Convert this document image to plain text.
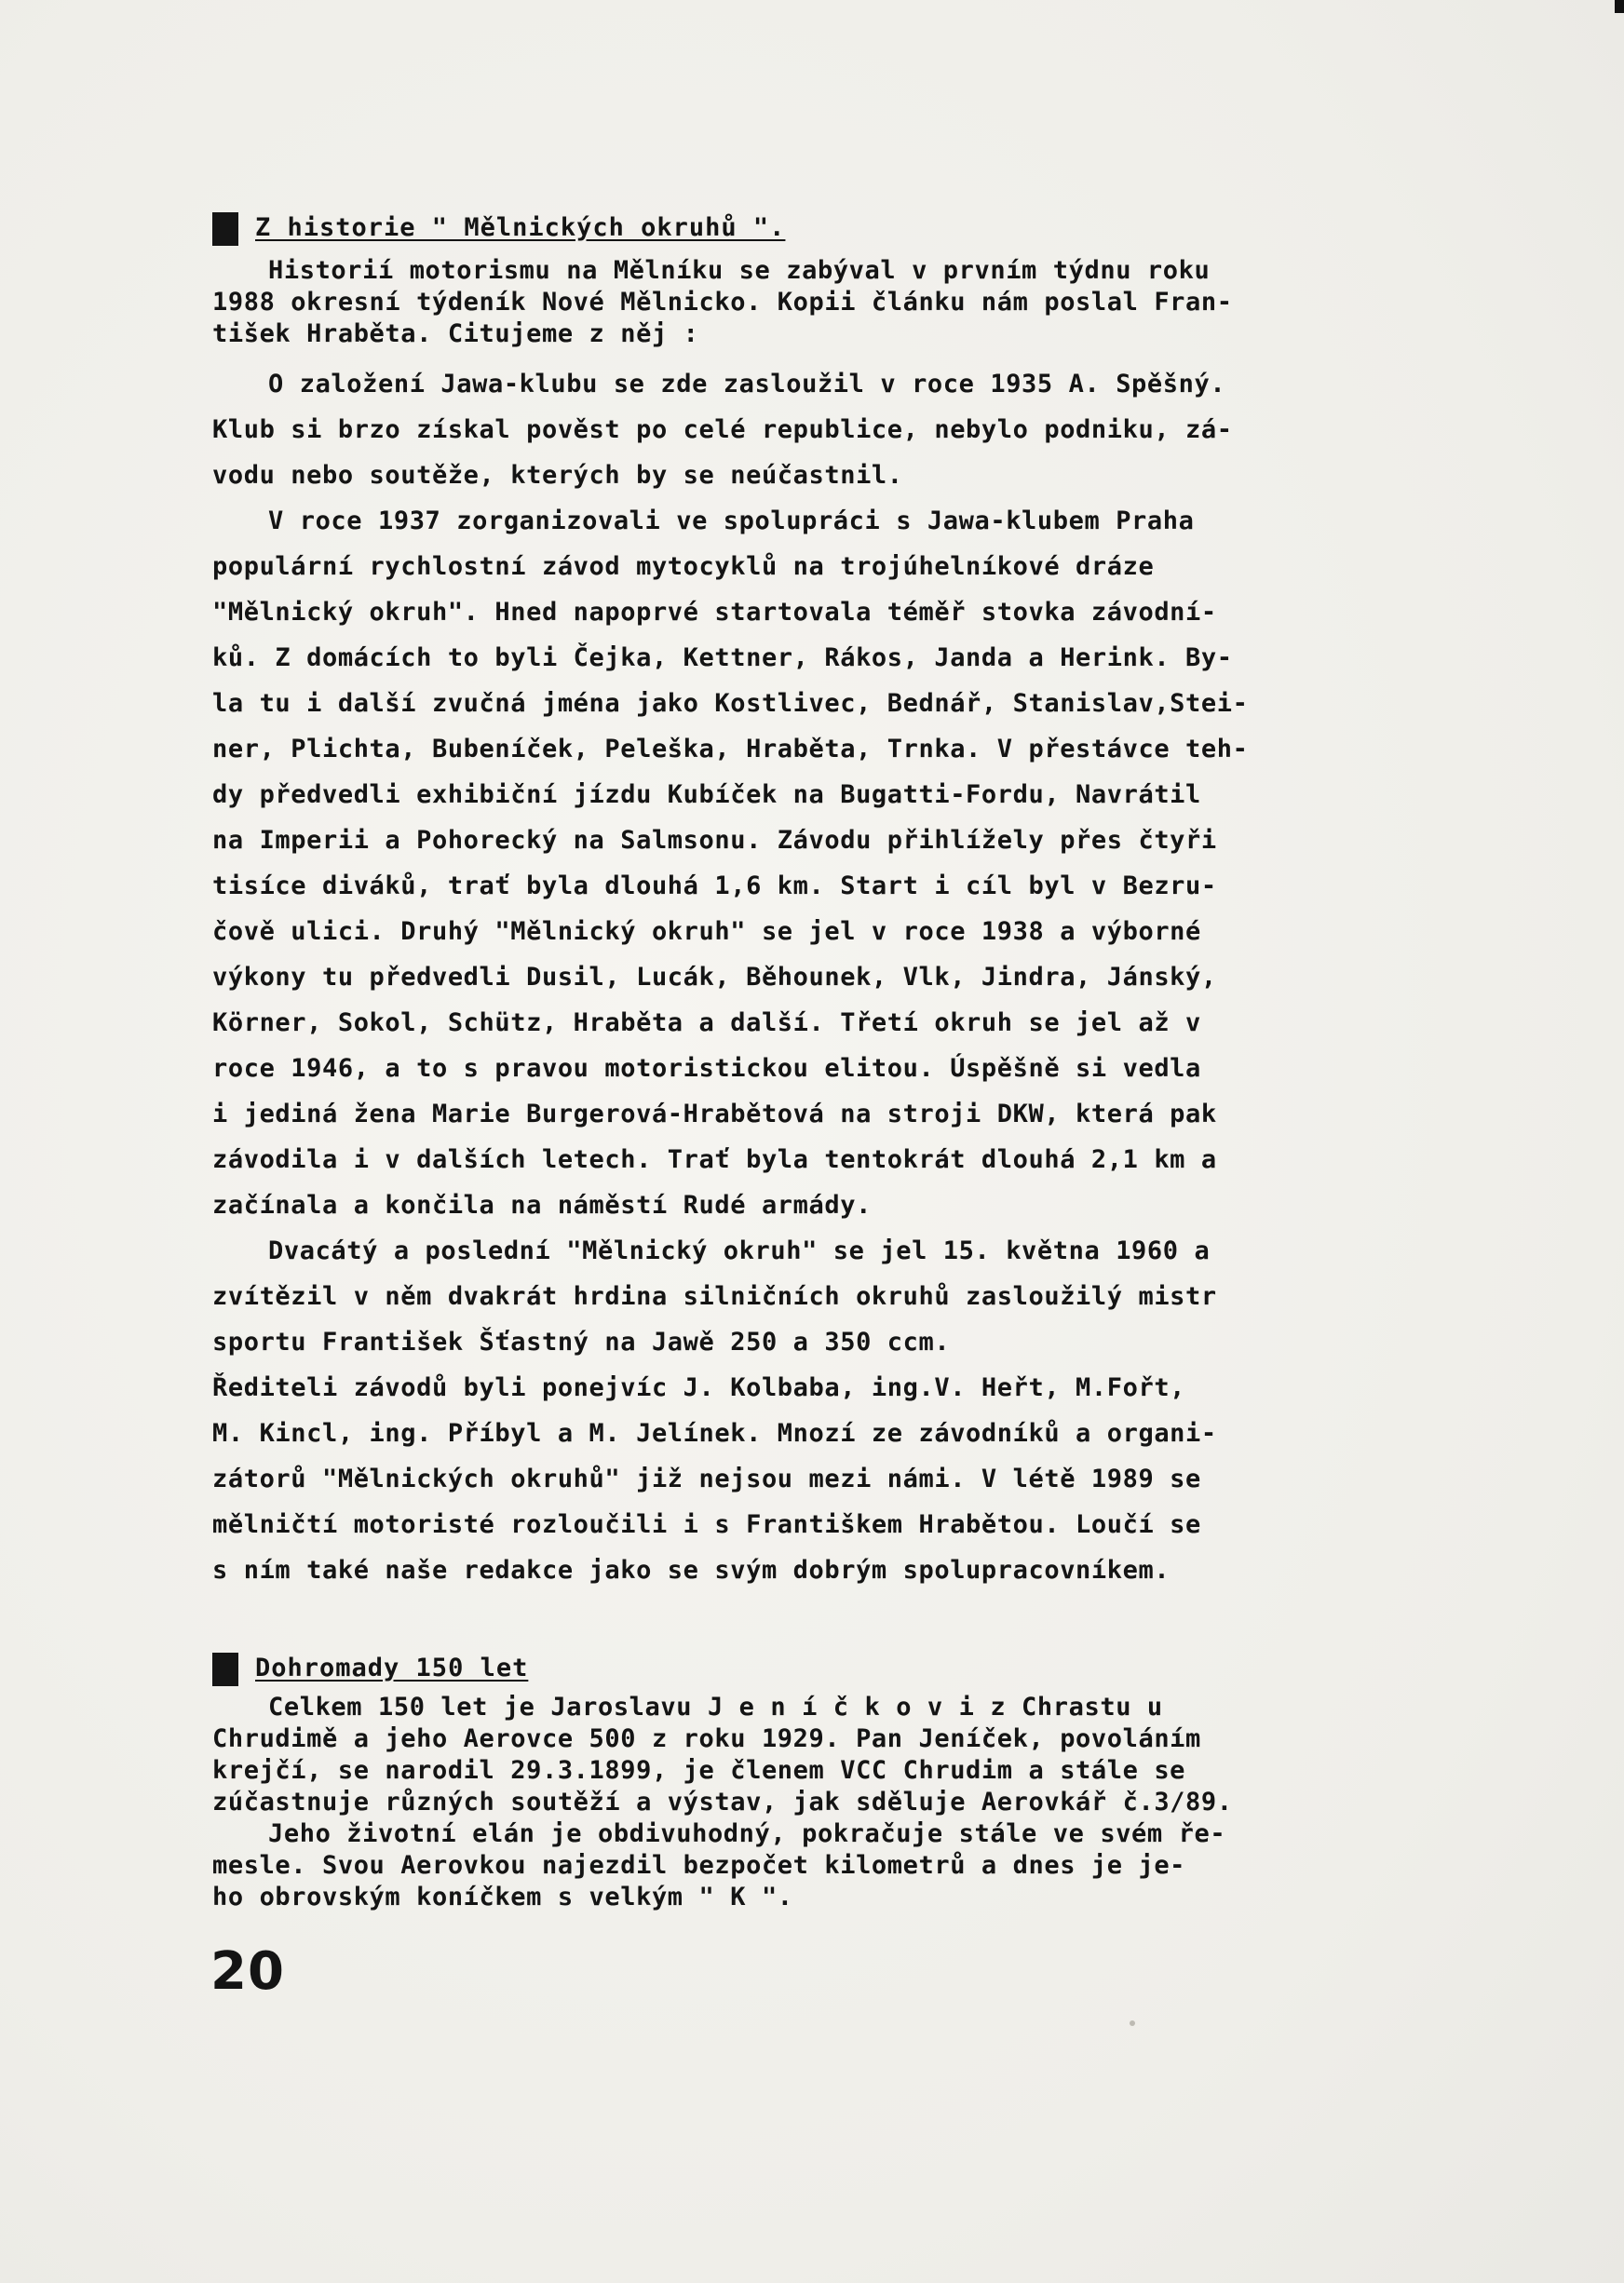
Z historie " Mělnických okruhů ".
Historií motorismu na Mělníku se zabýval v prvním týdnu roku
1988 okresní týdeník Nové Mělnicko. Kopii článku nám poslal Fran-
tišek Hraběta. Citujeme z něj :
O založení Jawa-klubu se zde zasloužil v roce 1935 A. Spěšný.
Klub si brzo získal pověst po celé republice, nebylo podniku, zá-
vodu nebo soutěže, kterých by se neúčastnil.
V roce 1937 zorganizovali ve spolupráci s Jawa-klubem Praha
populární rychlostní závod mytocyklů na trojúhelníkové dráze
"Mělnický okruh". Hned napoprvé startovala téměř stovka závodní-
ků. Z domácích to byli Čejka, Kettner, Rákos, Janda a Herink. By-
la tu i další zvučná jména jako Kostlivec, Bednář, Stanislav,Stei-
ner, Plichta, Bubeníček, Peleška, Hraběta, Trnka. V přestávce teh-
dy předvedli exhibiční jízdu Kubíček na Bugatti-Fordu, Navrátil
na Imperii a Pohorecký na Salmsonu. Závodu přihlížely přes čtyři
tisíce diváků, trať byla dlouhá 1,6 km. Start i cíl byl v Bezru-
čově ulici. Druhý "Mělnický okruh" se jel v roce 1938 a výborné
výkony tu předvedli Dusil, Lucák, Běhounek, Vlk, Jindra, Jánský,
Körner, Sokol, Schütz, Hraběta a další. Třetí okruh se jel až v
roce 1946, a to s pravou motoristickou elitou. Úspěšně si vedla
i jediná žena Marie Burgerová-Hrabětová na stroji DKW, která pak
závodila i v dalších letech. Trať byla tentokrát dlouhá 2,1 km a
začínala a končila na náměstí Rudé armády.
Dvacátý a poslední "Mělnický okruh" se jel 15. května 1960 a
zvítězil v něm dvakrát hrdina silničních okruhů zasloužilý mistr
sportu František Šťastný na Jawě 250 a 350 ccm.
Řediteli závodů byli ponejvíc J. Kolbaba, ing.V. Heřt, M.Fořt,
M. Kincl, ing. Příbyl a M. Jelínek. Mnozí ze závodníků a organi-
zátorů "Mělnických okruhů" již nejsou mezi námi. V létě 1989 se
mělničtí motoristé rozloučili i s Františkem Hrabětou. Loučí se
s ním také naše redakce jako se svým dobrým spolupracovníkem.
Dohromady 150 let
Celkem 150 let je Jaroslavu J e n í č k o v i z Chrastu u
Chrudimě a jeho Aerovce 500 z roku 1929. Pan Jeníček, povoláním
krejčí, se narodil 29.3.1899, je členem VCC Chrudim a stále se
zúčastnuje různých soutěží a výstav, jak sděluje Aerovkář č.3/89.
Jeho životní elán je obdivuhodný, pokračuje stále ve svém ře-
mesle. Svou Aerovkou najezdil bezpočet kilometrů a dnes je je-
ho obrovským koníčkem s velkým " K ".
20
